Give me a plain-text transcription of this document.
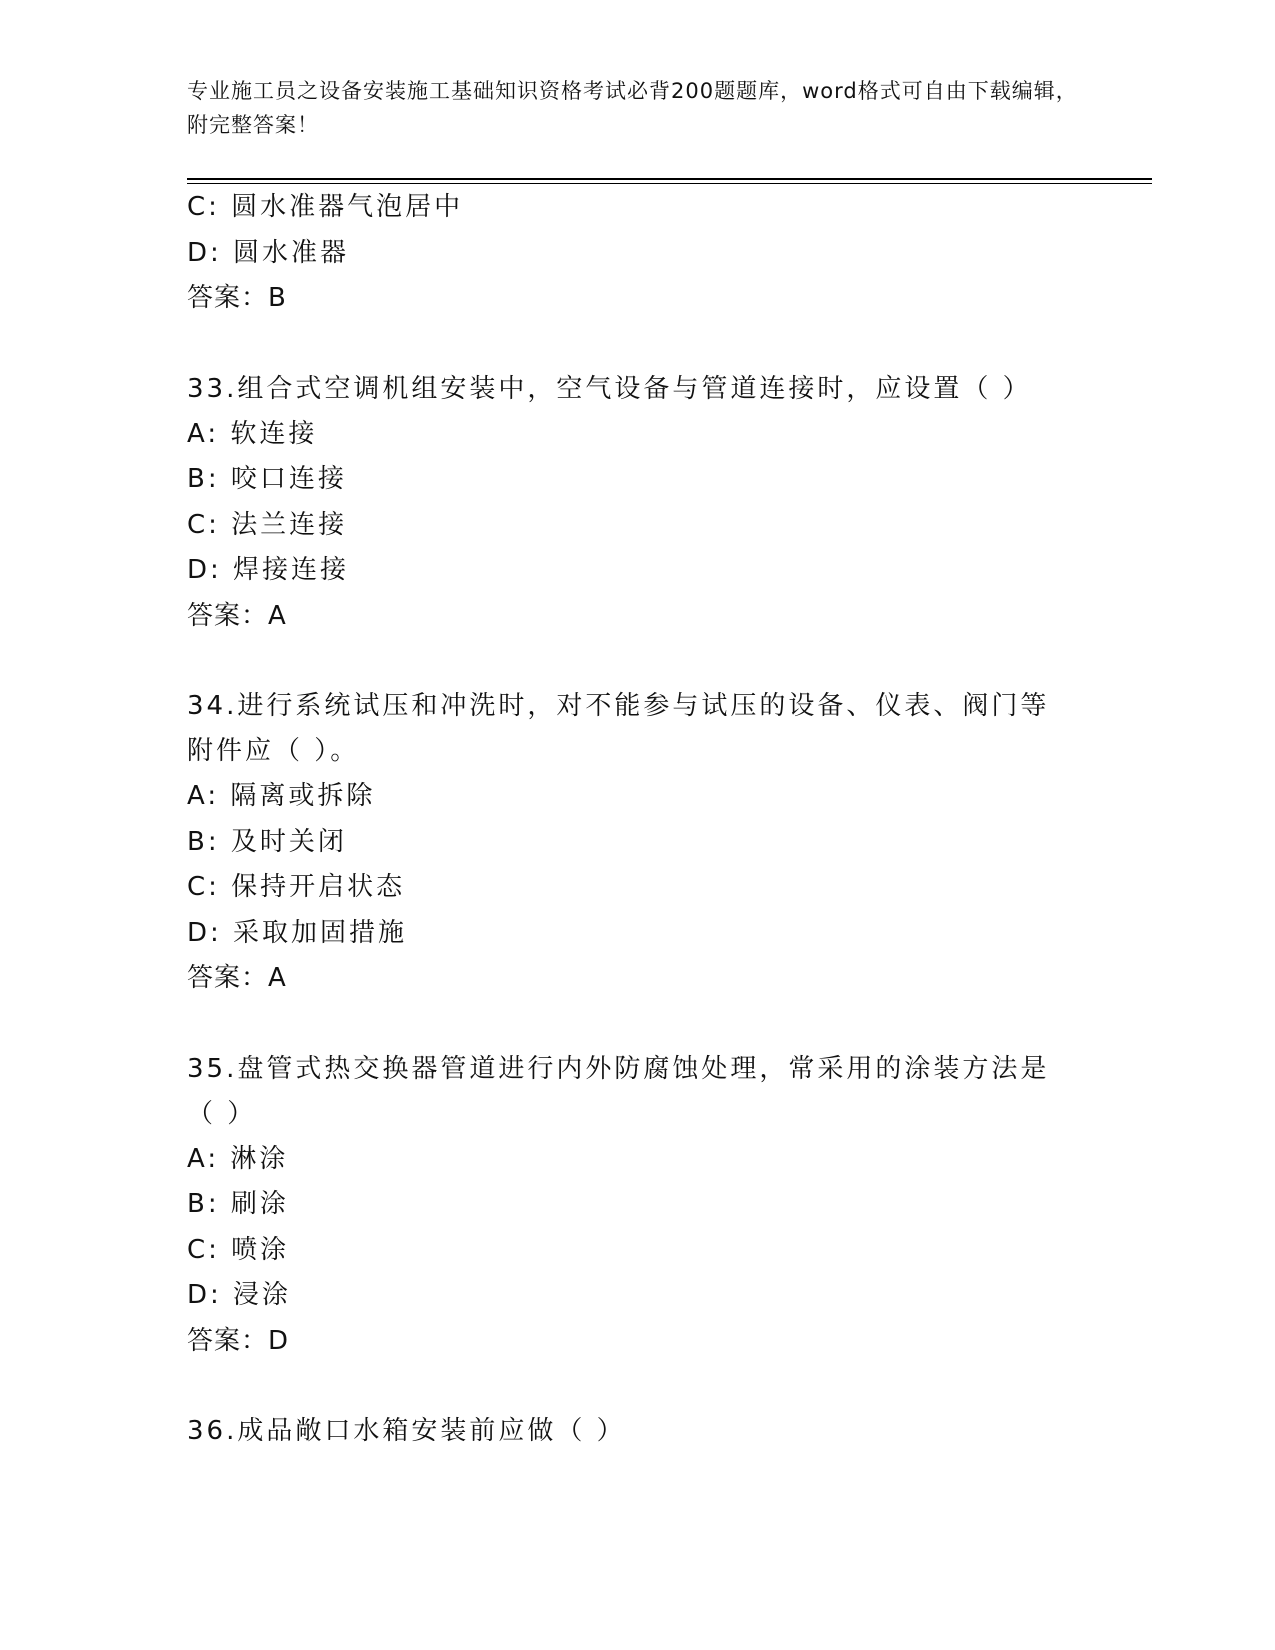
专业施工员之设备安装施工基础知识资格考试必背200题题库，word格式可自由下载编辑，附完整答案！
C: 圆水准器气泡居中
D: 圆水准器
答案：B
33.组合式空调机组安装中，空气设备与管道连接时，应设置（ ）
A: 软连接
B: 咬口连接
C: 法兰连接
D: 焊接连接
答案：A
34.进行系统试压和冲洗时，对不能参与试压的设备、仪表、阀门等附件应（ ）。
A: 隔离或拆除
B: 及时关闭
C: 保持开启状态
D: 采取加固措施
答案：A
35.盘管式热交换器管道进行内外防腐蚀处理，常采用的涂装方法是（ ）
A: 淋涂
B: 刷涂
C: 喷涂
D: 浸涂
答案：D
36.成品敞口水箱安装前应做（ ）
